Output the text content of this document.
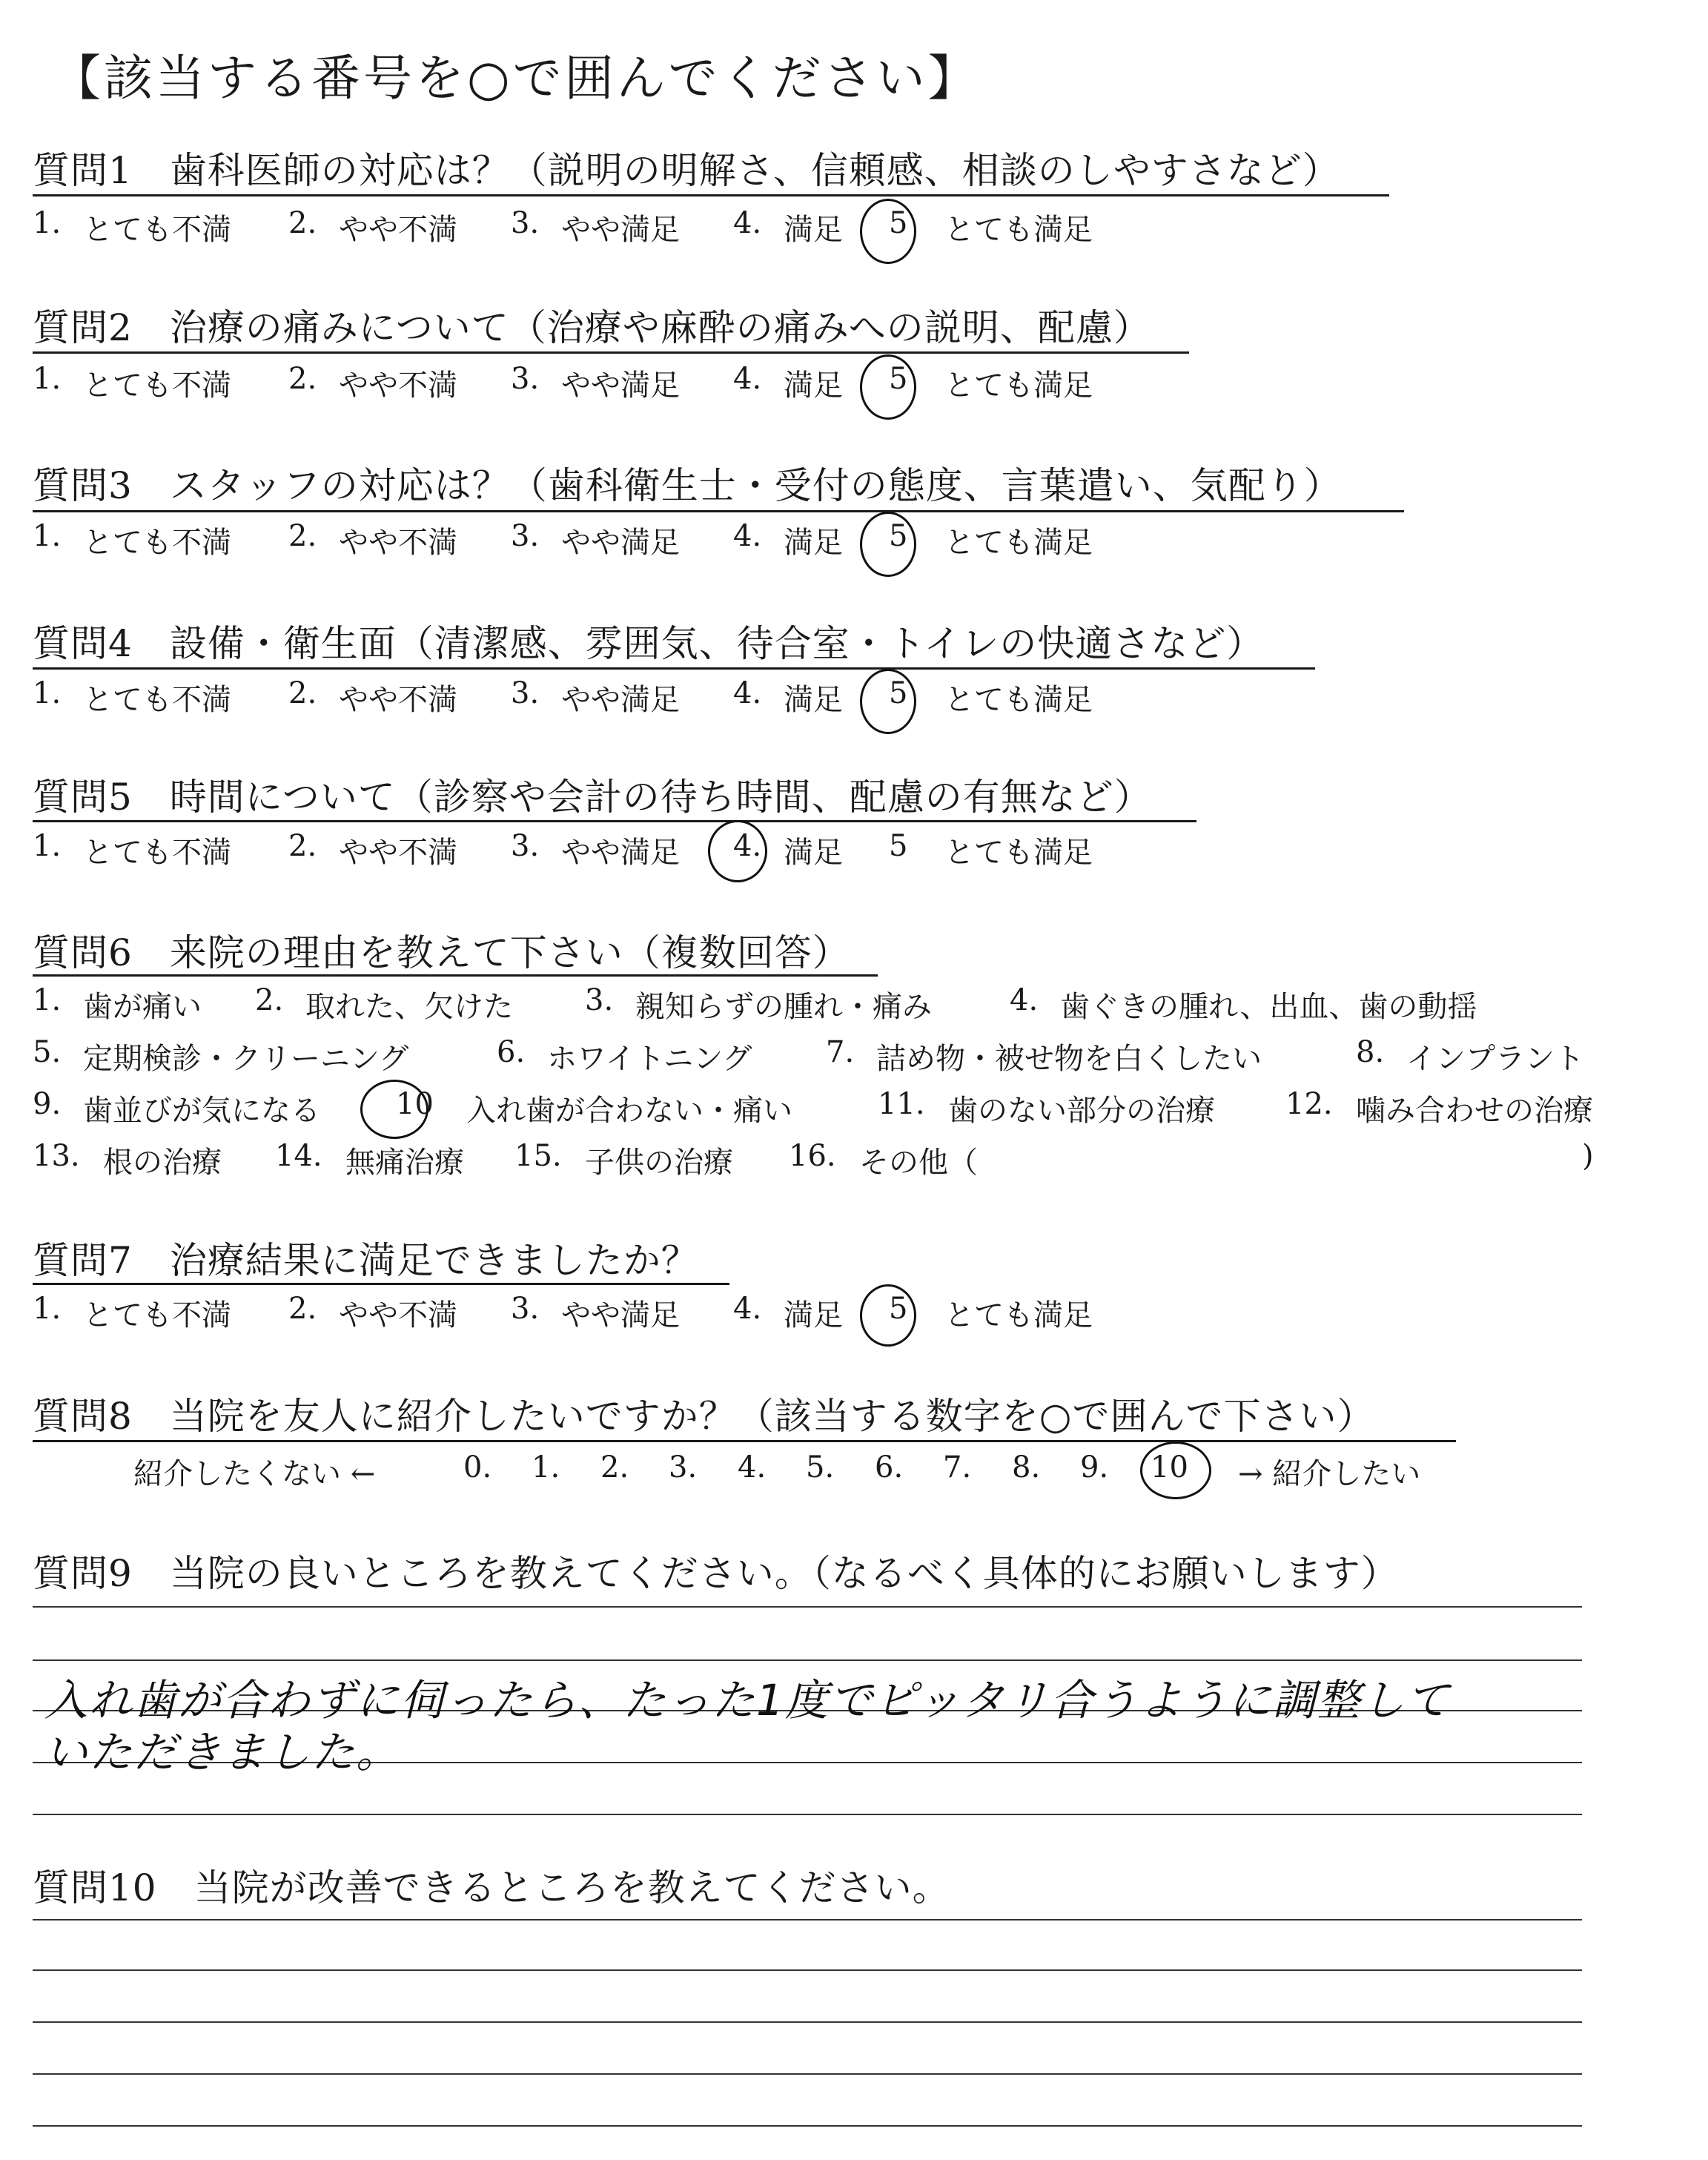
【該当する番号を○で囲んでください】
質問1 歯科医師の対応は？（説明の明解さ、信頼感、相談のしやすさなど）
1. とても不満 2. やや不満 3. やや満足 4. 満足 5 とても満足
質問2 治療の痛みについて（治療や麻酔の痛みへの説明、配慮）
1. とても不満 2. やや不満 3. やや満足 4. 満足 5 とても満足
質問3 スタッフの対応は？（歯科衛生士・受付の態度、言葉遣い、気配り）
1. とても不満 2. やや不満 3. やや満足 4. 満足 5 とても満足
質問4 設備・衛生面（清潔感、雰囲気、待合室・トイレの快適さなど）
1. とても不満 2. やや不満 3. やや満足 4. 満足 5 とても満足
質問5 時間について（診察や会計の待ち時間、配慮の有無など）
1. とても不満 2. やや不満 3. やや満足 4. 満足 5 とても満足
質問6 来院の理由を教えて下さい（複数回答）
1. 歯が痛い 2. 取れた、欠けた 3. 親知らずの腫れ・痛み	4. 歯ぐきの腫れ、出血、歯の動揺
5. 定期検診・クリーニング	6. ホワイトニング 7. 詰め物・被せ物を白くしたい	8. インプラント
9. 歯並びが気になる	10 入れ歯が合わない・痛い	11. 歯のない部分の治療 12. 噛み合わせの治療
13. 根の治療 14. 無痛治療 15. 子供の治療 16. その他（	)
質問7 治療結果に満足できましたか？
1. とても不満 2. やや不満 3. やや満足 4. 満足 5 とても満足
質問8 当院を友人に紹介したいですか？（該当する数字を○で囲んで下さい）
紹介したくない ←	0. 1. 2. 3. 4. 5. 6. 7. 8. 9. 10 → 紹介したい
質問9 当院の良いところを教えてください。（なるべく具体的にお願いします）
入れ歯が合わずに伺ったら、たった1度でピッタリ合うように調整して
いただきました。
質問10 当院が改善できるところを教えてください。
